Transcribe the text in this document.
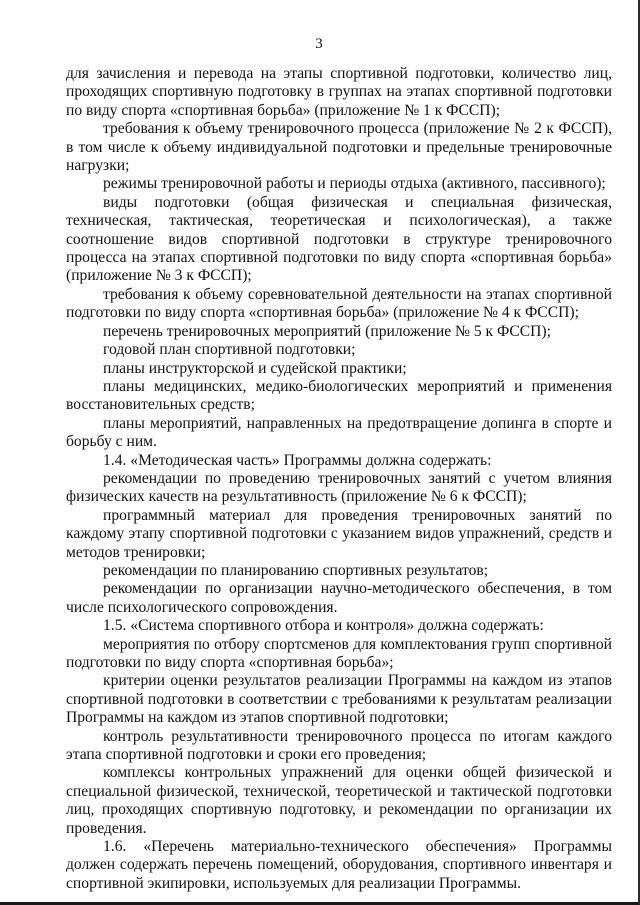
3

для зачисления и перевода на этапы спортивной подготовки, количество лиц, проходящих спортивную подготовку в группах на этапах спортивной подготовки по виду спорта «спортивная борьба» (приложение № 1 к ФССП);

требования к объему тренировочного процесса (приложение № 2 к ФССП), в том числе к объему индивидуальной подготовки и предельные тренировочные нагрузки;

режимы тренировочной работы и периоды отдыха (активного, пассивного);

виды подготовки (общая физическая и специальная физическая, техническая, тактическая, теоретическая и психологическая), а также соотношение видов спортивной подготовки в структуре тренировочного процесса на этапах спортивной подготовки по виду спорта «спортивная борьба» (приложение № 3 к ФССП);

требования к объему соревновательной деятельности на этапах спортивной подготовки по виду спорта «спортивная борьба» (приложение № 4 к ФССП);

перечень тренировочных мероприятий (приложение № 5 к ФССП);

годовой план спортивной подготовки;

планы инструкторской и судейской практики;

планы медицинских, медико-биологических мероприятий и применения восстановительных средств;

планы мероприятий, направленных на предотвращение допинга в спорте и борьбу с ним.

1.4. «Методическая часть» Программы должна содержать:

рекомендации по проведению тренировочных занятий с учетом влияния физических качеств на результативность (приложение № 6 к ФССП);

программный материал для проведения тренировочных занятий по каждому этапу спортивной подготовки с указанием видов упражнений, средств и методов тренировки;

рекомендации по планированию спортивных результатов;

рекомендации по организации научно-методического обеспечения, в том числе психологического сопровождения.

1.5. «Система спортивного отбора и контроля» должна содержать:

мероприятия по отбору спортсменов для комплектования групп спортивной подготовки по виду спорта «спортивная борьба»;

критерии оценки результатов реализации Программы на каждом из этапов спортивной подготовки в соответствии с требованиями к результатам реализации Программы на каждом из этапов спортивной подготовки;

контроль результативности тренировочного процесса по итогам каждого этапа спортивной подготовки и сроки его проведения;

комплексы контрольных упражнений для оценки общей физической и специальной физической, технической, теоретической и тактической подготовки лиц, проходящих спортивную подготовку, и рекомендации по организации их проведения.

1.6. «Перечень материально-технического обеспечения» Программы должен содержать перечень помещений, оборудования, спортивного инвентаря и спортивной экипировки, используемых для реализации Программы.
